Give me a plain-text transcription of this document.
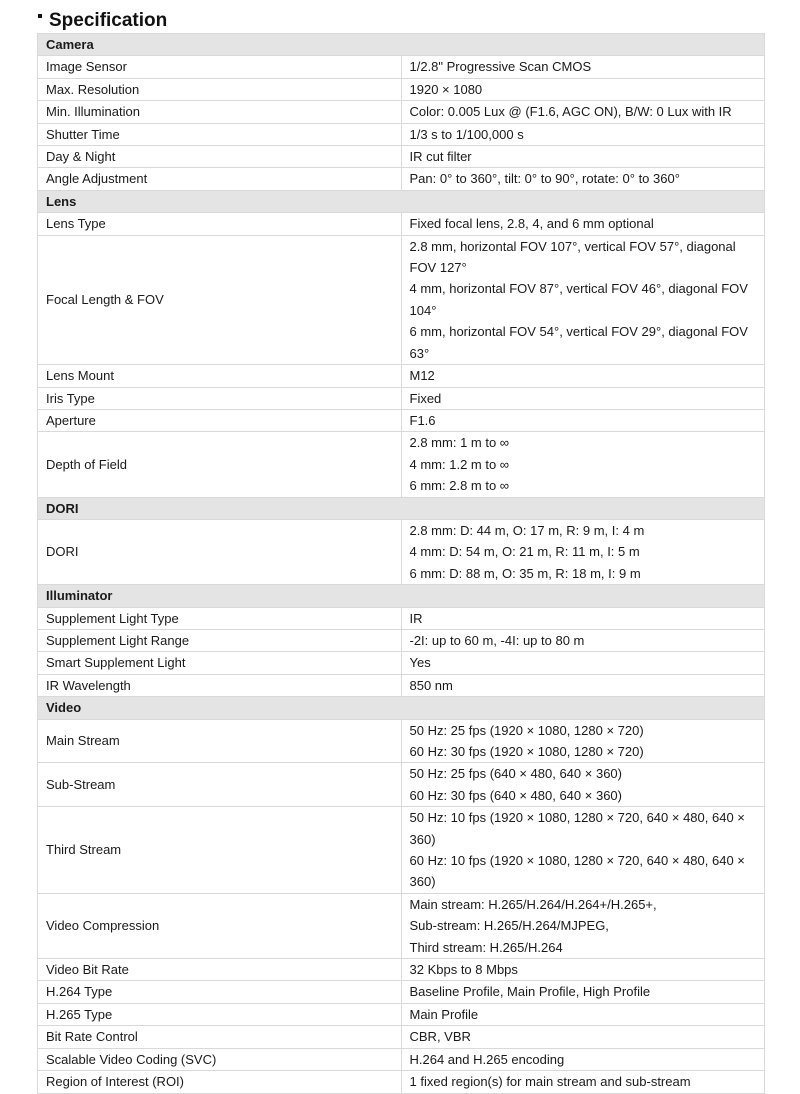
Specification
Camera	
Image Sensor	1/2.8" Progressive Scan CMOS

Max. Resolution	1920 × 1080

Min. Illumination	Color: 0.005 Lux @ (F1.6, AGC ON), B/W: 0 Lux with IR

Shutter Time	1/3 s to 1/100,000 s

Day & Night	IR cut filter

Angle Adjustment	Pan: 0° to 360°, tilt: 0° to 90°, rotate: 0° to 360°

Lens	
Lens Type	Fixed focal lens, 2.8, 4, and 6 mm optional

Focal Length & FOV	2.8 mm, horizontal FOV 107°, vertical FOV 57°, diagonal FOV 127°
4 mm, horizontal FOV 87°, vertical FOV 46°, diagonal FOV 104°
6 mm, horizontal FOV 54°, vertical FOV 29°, diagonal FOV 63°

Lens Mount	M12

Iris Type	Fixed

Aperture	F1.6

Depth of Field	2.8 mm: 1 m to ∞
4 mm: 1.2 m to ∞
6 mm: 2.8 m to ∞

DORI	
DORI	2.8 mm: D: 44 m, O: 17 m, R: 9 m, I: 4 m
4 mm: D: 54 m, O: 21 m, R: 11 m, I: 5 m
6 mm: D: 88 m, O: 35 m, R: 18 m, I: 9 m

Illuminator	
Supplement Light Type	IR

Supplement Light Range	-2I: up to 60 m, -4I: up to 80 m

Smart Supplement Light	Yes

IR Wavelength	850 nm

Video	
Main Stream	50 Hz: 25 fps (1920 × 1080, 1280 × 720)
60 Hz: 30 fps (1920 × 1080, 1280 × 720)

Sub-Stream	50 Hz: 25 fps (640 × 480, 640 × 360)
60 Hz: 30 fps (640 × 480, 640 × 360)

Third Stream	50 Hz: 10 fps (1920 × 1080, 1280 × 720, 640 × 480, 640 × 360)
60 Hz: 10 fps (1920 × 1080, 1280 × 720, 640 × 480, 640 × 360)

Video Compression	Main stream: H.265/H.264/H.264+/H.265+,
Sub-stream: H.265/H.264/MJPEG,
Third stream: H.265/H.264

Video Bit Rate	32 Kbps to 8 Mbps

H.264 Type	Baseline Profile, Main Profile, High Profile

H.265 Type	Main Profile

Bit Rate Control	CBR, VBR

Scalable Video Coding (SVC)	H.264 and H.265 encoding

Region of Interest (ROI)	1 fixed region(s) for main stream and sub-stream
